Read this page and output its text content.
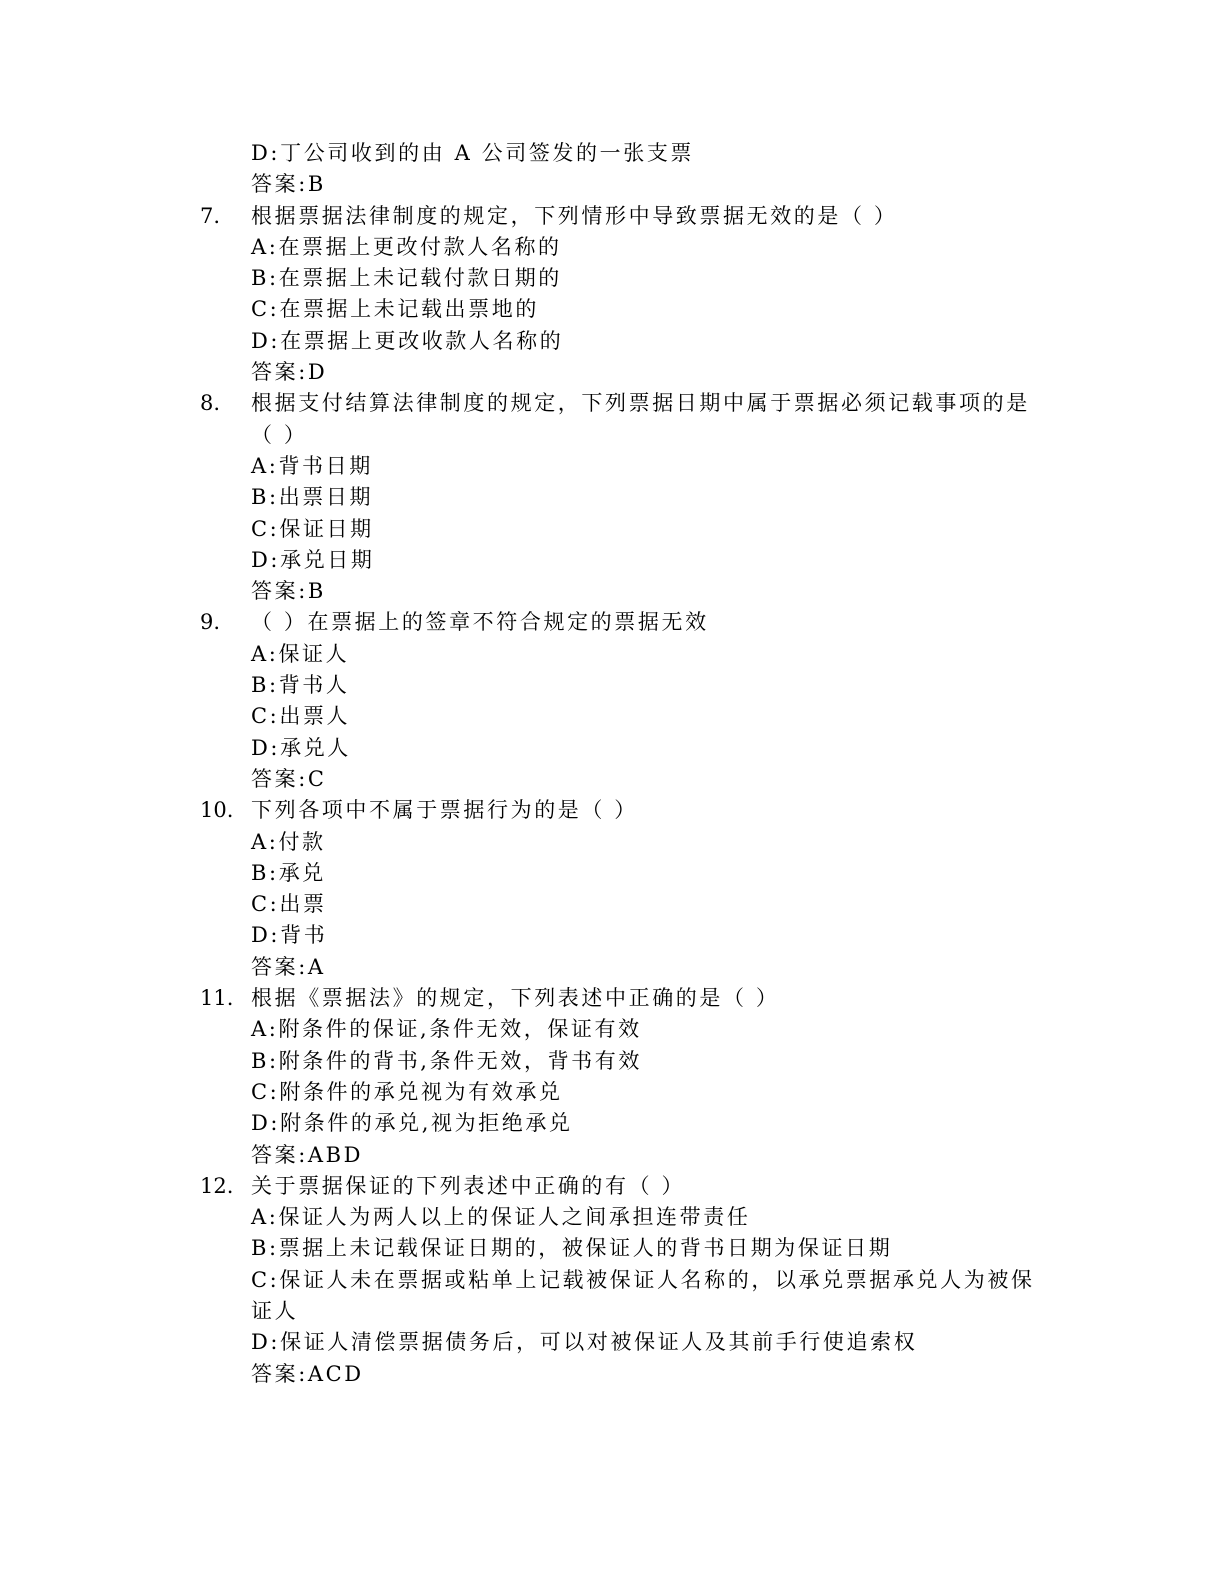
D:丁公司收到的由 A 公司签发的一张支票
答案:B
7.	根据票据法律制度的规定，下列情形中导致票据无效的是（ ）
A:在票据上更改付款人名称的
B:在票据上未记载付款日期的
C:在票据上未记载出票地的
D:在票据上更改收款人名称的
答案:D
8.	根据支付结算法律制度的规定，下列票据日期中属于票据必须记载事项的是
（ ）
A:背书日期
B:出票日期
C:保证日期
D:承兑日期
答案:B
9.	（ ）在票据上的签章不符合规定的票据无效
A:保证人
B:背书人
C:出票人
D:承兑人
答案:C
10. 下列各项中不属于票据行为的是（ ）
A:付款
B:承兑
C:出票
D:背书
答案:A
11. 根据《票据法》的规定，下列表述中正确的是（ ）
A:附条件的保证,条件无效，保证有效
B:附条件的背书,条件无效，背书有效
C:附条件的承兑视为有效承兑
D:附条件的承兑,视为拒绝承兑
答案:ABD
12. 关于票据保证的下列表述中正确的有（ ）
A:保证人为两人以上的保证人之间承担连带责任
B:票据上未记载保证日期的，被保证人的背书日期为保证日期
C:保证人未在票据或粘单上记载被保证人名称的，以承兑票据承兑人为被保
证人
D:保证人清偿票据债务后，可以对被保证人及其前手行使追索权
答案:ACD
